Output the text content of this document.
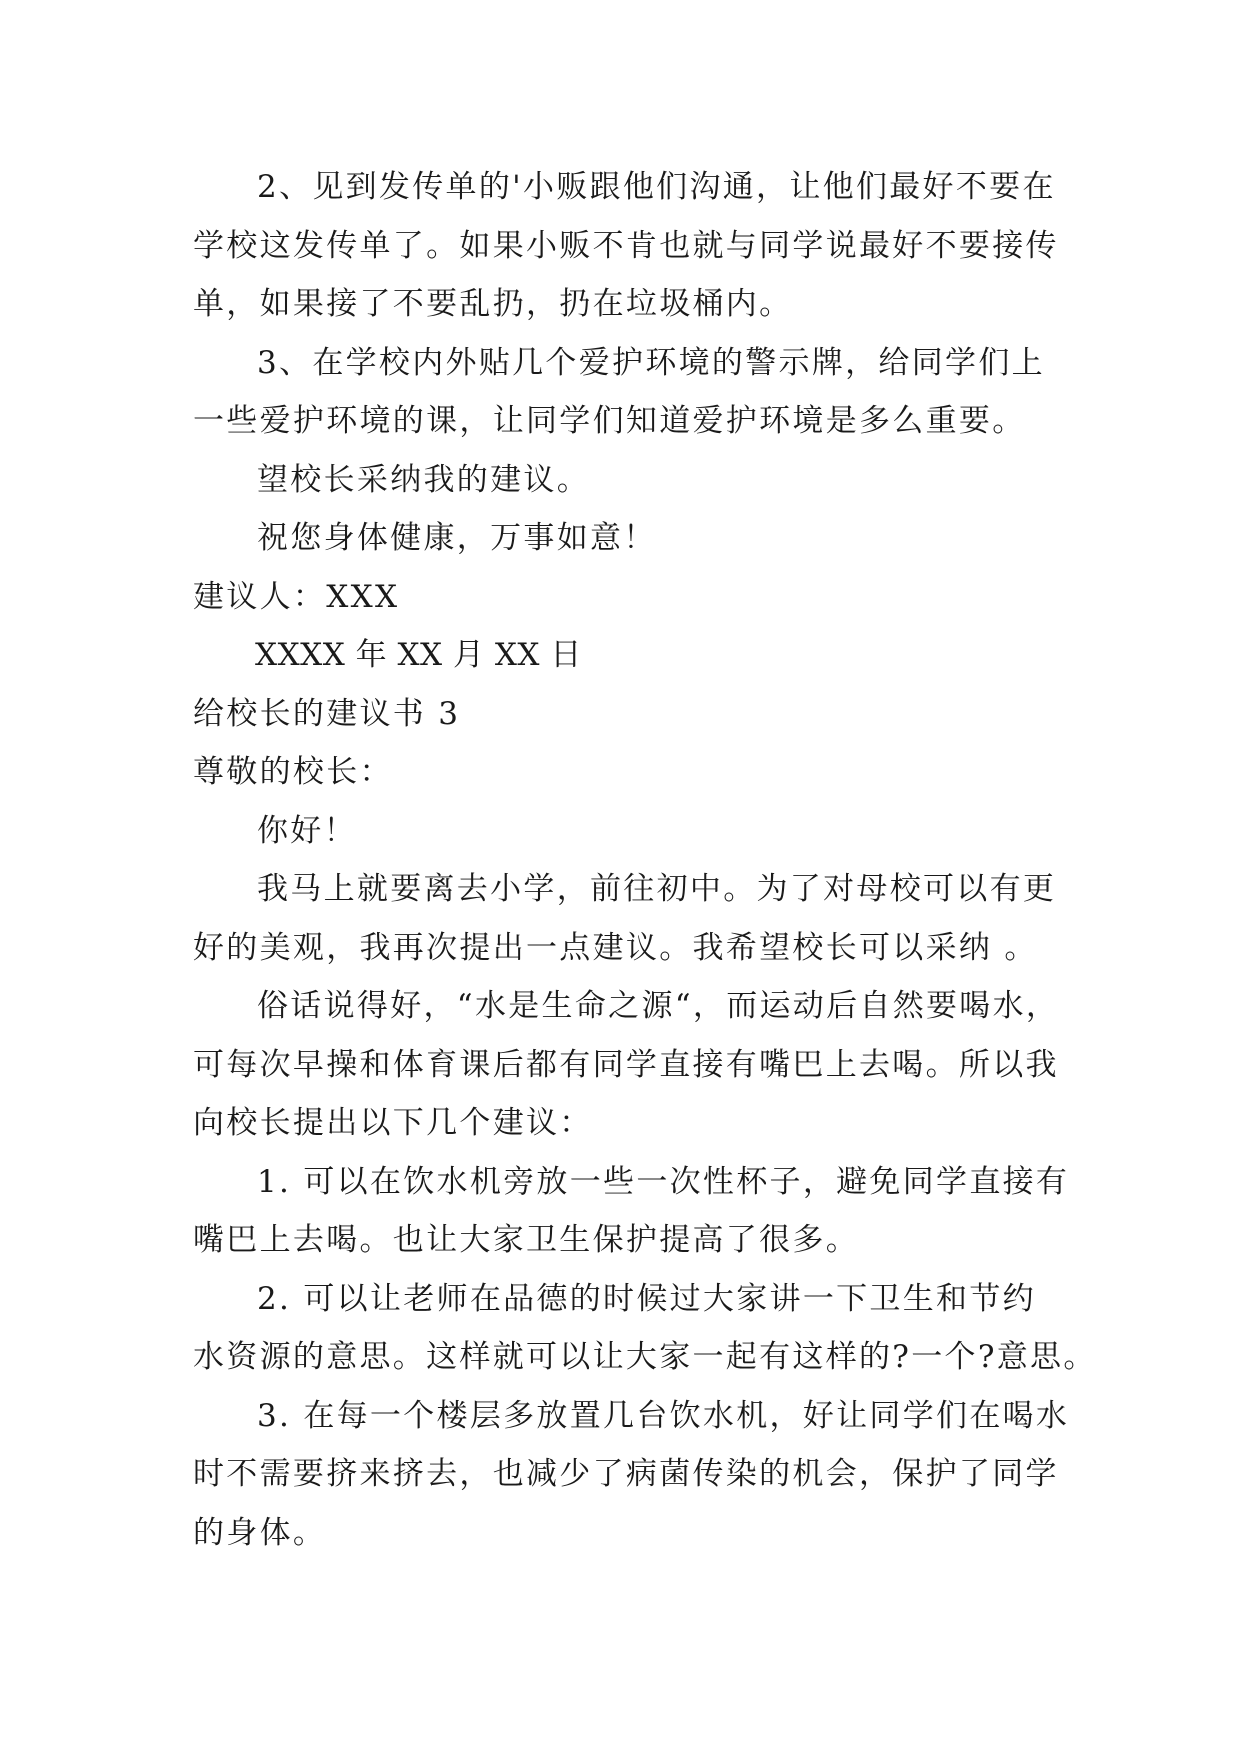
2、见到发传单的'小贩跟他们沟通，让他们最好不要在
学校这发传单了。如果小贩不肯也就与同学说最好不要接传
单，如果接了不要乱扔，扔在垃圾桶内。
3、在学校内外贴几个爱护环境的警示牌，给同学们上
一些爱护环境的课，让同学们知道爱护环境是多么重要。
望校长采纳我的建议。
祝您身体健康，万事如意！
建议人：XXX
XXXX 年 XX 月 XX 日
给校长的建议书 3
尊敬的校长：
你好！
我马上就要离去小学，前往初中。为了对母校可以有更
好的美观，我再次提出一点建议。我希望校长可以采纳 。
俗话说得好，“水是生命之源“，而运动后自然要喝水，
可每次早操和体育课后都有同学直接有嘴巴上去喝。所以我
向校长提出以下几个建议：
1. 可以在饮水机旁放一些一次性杯子，避免同学直接有
嘴巴上去喝。也让大家卫生保护提高了很多。
2. 可以让老师在品德的时候过大家讲一下卫生和节约
水资源的意思。这样就可以让大家一起有这样的?一个?意思。
3. 在每一个楼层多放置几台饮水机，好让同学们在喝水
时不需要挤来挤去，也减少了病菌传染的机会，保护了同学
的身体。
